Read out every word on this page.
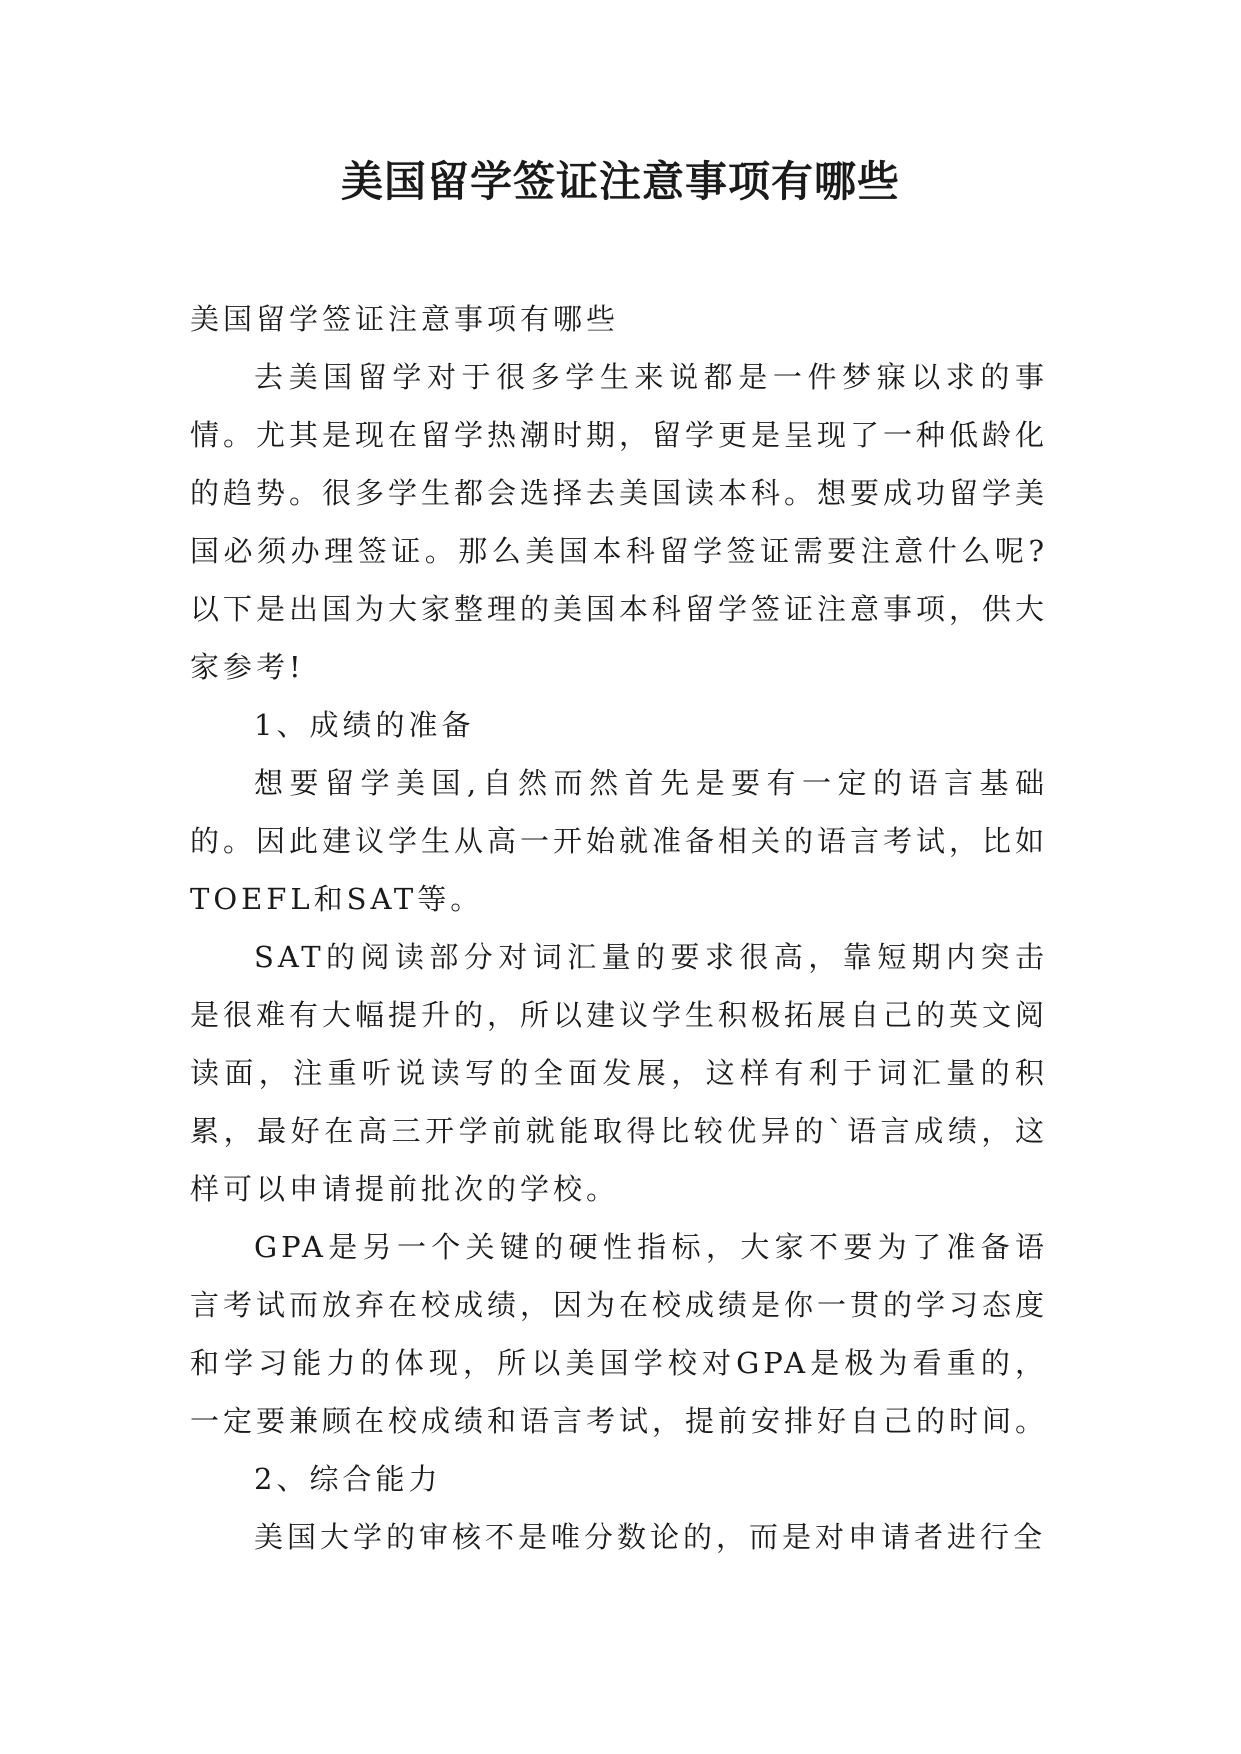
美国留学签证注意事项有哪些

美国留学签证注意事项有哪些

去美国留学对于很多学生来说都是一件梦寐以求的事情。尤其是现在留学热潮时期，留学更是呈现了一种低龄化的趋势。很多学生都会选择去美国读本科。想要成功留学美国必须办理签证。那么美国本科留学签证需要注意什么呢?以下是出国为大家整理的美国本科留学签证注意事项，供大家参考!

1、成绩的准备

想要留学美国,自然而然首先是要有一定的语言基础的。因此建议学生从高一开始就准备相关的语言考试，比如TOEFL和SAT等。

SAT的阅读部分对词汇量的要求很高，靠短期内突击是很难有大幅提升的，所以建议学生积极拓展自己的英文阅读面，注重听说读写的全面发展，这样有利于词汇量的积累，最好在高三开学前就能取得比较优异的`语言成绩，这样可以申请提前批次的学校。

GPA是另一个关键的硬性指标，大家不要为了准备语言考试而放弃在校成绩，因为在校成绩是你一贯的学习态度和学习能力的体现，所以美国学校对GPA是极为看重的，一定要兼顾在校成绩和语言考试，提前安排好自己的时间。

2、综合能力

美国大学的审核不是唯分数论的，而是对申请者进行全
